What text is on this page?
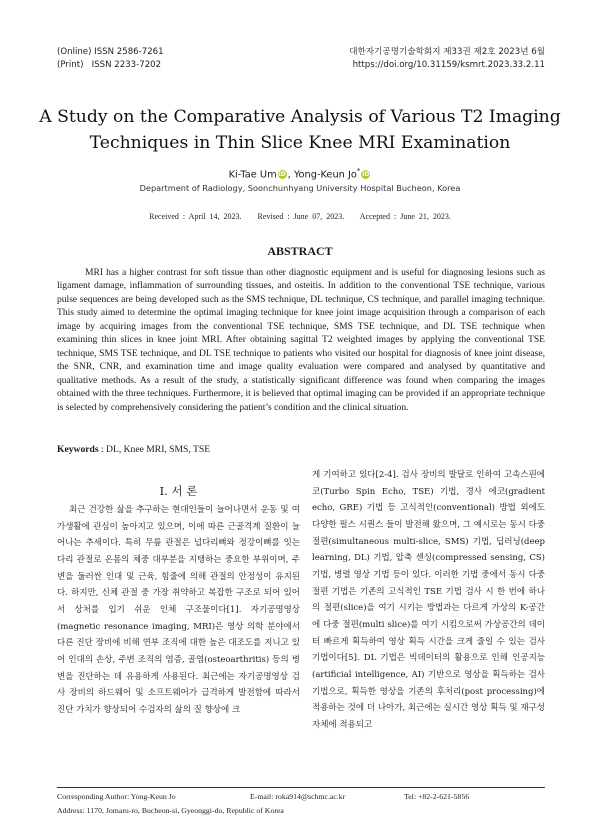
(Online) ISSN 2586-7261
(Print)   ISSN 2233-7202
대한자기공명기술학회지 제33권 제2호 2023년 6월
https://doi.org/10.31159/ksmrt.2023.33.2.11
A Study on the Comparative Analysis of Various T2 Imaging
Techniques in Thin Slice Knee MRI Examination
Ki-Tae Um iD , Yong-Keun Jo* iD
Department of Radiology, Soonchunhyang University Hospital Bucheon, Korea
Received : April 14, 2023.    Revised : June 07, 2023.    Accepted : June 21, 2023.
ABSTRACT

MRI has a higher contrast for soft tissue than other diagnostic equipment and is useful for diagnosing lesions such as ligament damage, inflammation of surrounding tissues, and osteitis. In addition to the conventional TSE technique, various pulse sequences are being developed such as the SMS technique, DL technique, CS technique, and parallel imaging technique. This study aimed to determine the optimal imaging technique for knee joint image acquisition through a comparison of each image by acquiring images from the conventional TSE technique, SMS TSE technique, and DL TSE technique when examining thin slices in knee joint MRI. After obtaining sagittal T2 weighted images by applying the conventional TSE technique, SMS TSE technique, and DL TSE technique to patients who visited our hospital for diagnosis of knee joint disease, the SNR, CNR, and examination time and image quality evaluation were compared and analysed by quantitative and qualitative methods. As a result of the study, a statistically significant difference was found when comparing the images obtained with the three techniques. Furthermore, it is believed that optimal imaging can be provided if an appropriate technique is selected by comprehensively considering the patient’s condition and the clinical situation.

Keywords : DL, Knee MRI, SMS, TSE
Ⅰ. 서 론

최근 건강한 삶을 추구하는 현대인들이 늘어나면서 운동 및 여가생활에 관심이 높아지고 있으며, 이에 따른 근골격계 질환이 늘어나는 추세이다. 특히 무릎 관절은 넙다리뼈와 정강이뼈를 잇는 다리 관절로 온몸의 체중 대부분을 지탱하는 중요한 부위이며, 주변을 둘러싼 인대 및 근육, 힘줄에 의해 관절의 안정성이 유지된다. 하지만, 신체 관절 중 가장 취약하고 복잡한 구조로 되어 있어서 상처를 입기 쉬운 인체 구조물이다[1]. 자기공명영상(magnetic resonance imaging, MRI)은 영상 의학 분야에서 다른 진단 장비에 비해 연부 조직에 대한 높은 대조도를 지니고 있어 인대의 손상, 주변 조직의 염증, 골염(osteoarthritis) 등의 병변을 진단하는 데 유용하게 사용된다. 최근에는 자기공명영상 검사 장비의 하드웨어 및 소프트웨어가 급격하게 발전함에 따라서 진단 가치가 향상되어 수검자의 삶의 질 향상에 크

게 기여하고 있다[2-4]. 검사 장비의 발달로 인하여 고속스핀에코(Turbo Spin Echo, TSE) 기법, 경사 에코(gradient echo, GRE) 기법 등 고식적인(conventional) 방법 외에도 다양한 펄스 시퀀스 들이 발전해 왔으며, 그 예시로는 동시 다중 절편(simultaneous multi-slice, SMS) 기법, 딥러닝(deep learning, DL) 기법, 압축 센싱(compressed sensing, CS) 기법, 병렬 영상 기법 등이 있다. 이러한 기법 중에서 동시 다중 절편 기법은 기존의 고식적인 TSE 기법 검사 시 한 번에 하나의 절편(slice)을 여기 시키는 방법과는 다르게 가상의 K-공간에 다중 절편(multi slice)를 여기 시킴으로써 가상공간의 데이터 빠르게 획득하여 영상 획득 시간을 크게 줄일 수 있는 검사 기법이다[5]. DL 기법은 빅데이터의 활용으로 인해 인공지능(artificial intelligence, AI) 기반으로 영상을 획득하는 검사 기법으로, 획득한 영상을 기존의 후처리(post processing)에 적용하는 것에 더 나아가, 최근에는 실시간 영상 획득 및 재구성 자체에 적용되고

Corresponding Author: Yong-Keun Jo	E-mail: roka914@schmc.ac.kr	Tel: +82-2-621-5856
Address: 1170, Jomaru-ro, Bucheon-si, Gyeonggi-do, Republic of Korea
